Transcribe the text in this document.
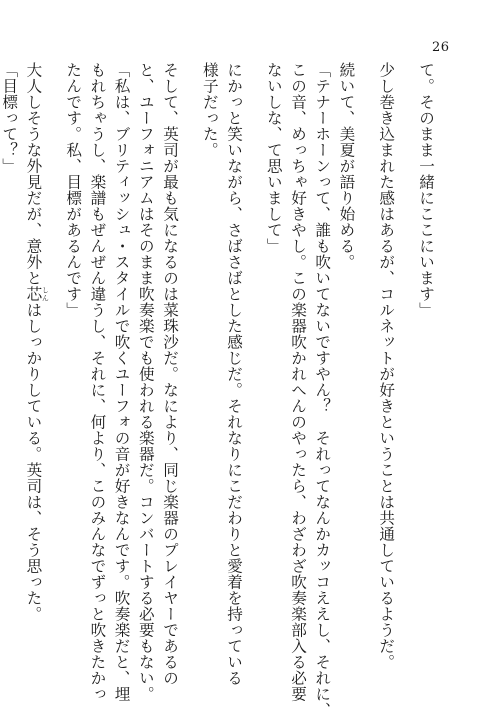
26
て。そのまま一緒にここにいます」
少し巻き込まれた感はあるが、コルネットが好きということは共通しているようだ。
続いて、美夏が語り始める。
「テナーホーンって、誰も吹いてないですやん？　それってなんかカッコええし、それに、
この音、めっちゃ好きやし。この楽器吹かれへんのやったら、わざわざ吹奏楽部入る必要
ないしな、て思いまして」
にかっと笑いながら、さばさばとした感じだ。それなりにこだわりと愛着を持っている
様子だった。
そして、英司が最も気になるのは菜珠沙だ。なにより、同じ楽器のプレイヤーであるの
と、ユーフォニアムはそのまま吹奏楽でも使われる楽器だ。コンバートする必要もない。
「私は、ブリティッシュ・スタイルで吹くユーフォの音が好きなんです。吹奏楽だと、埋
もれちゃうし、楽譜もぜんぜん違うし、それに、何より、このみんなでずっと吹きたかっ
たんです。私、目標があるんです」
大人しそうな外見だが、意外と芯 しんはしっかりしている。英司は、そう思った。
「目標って？」
